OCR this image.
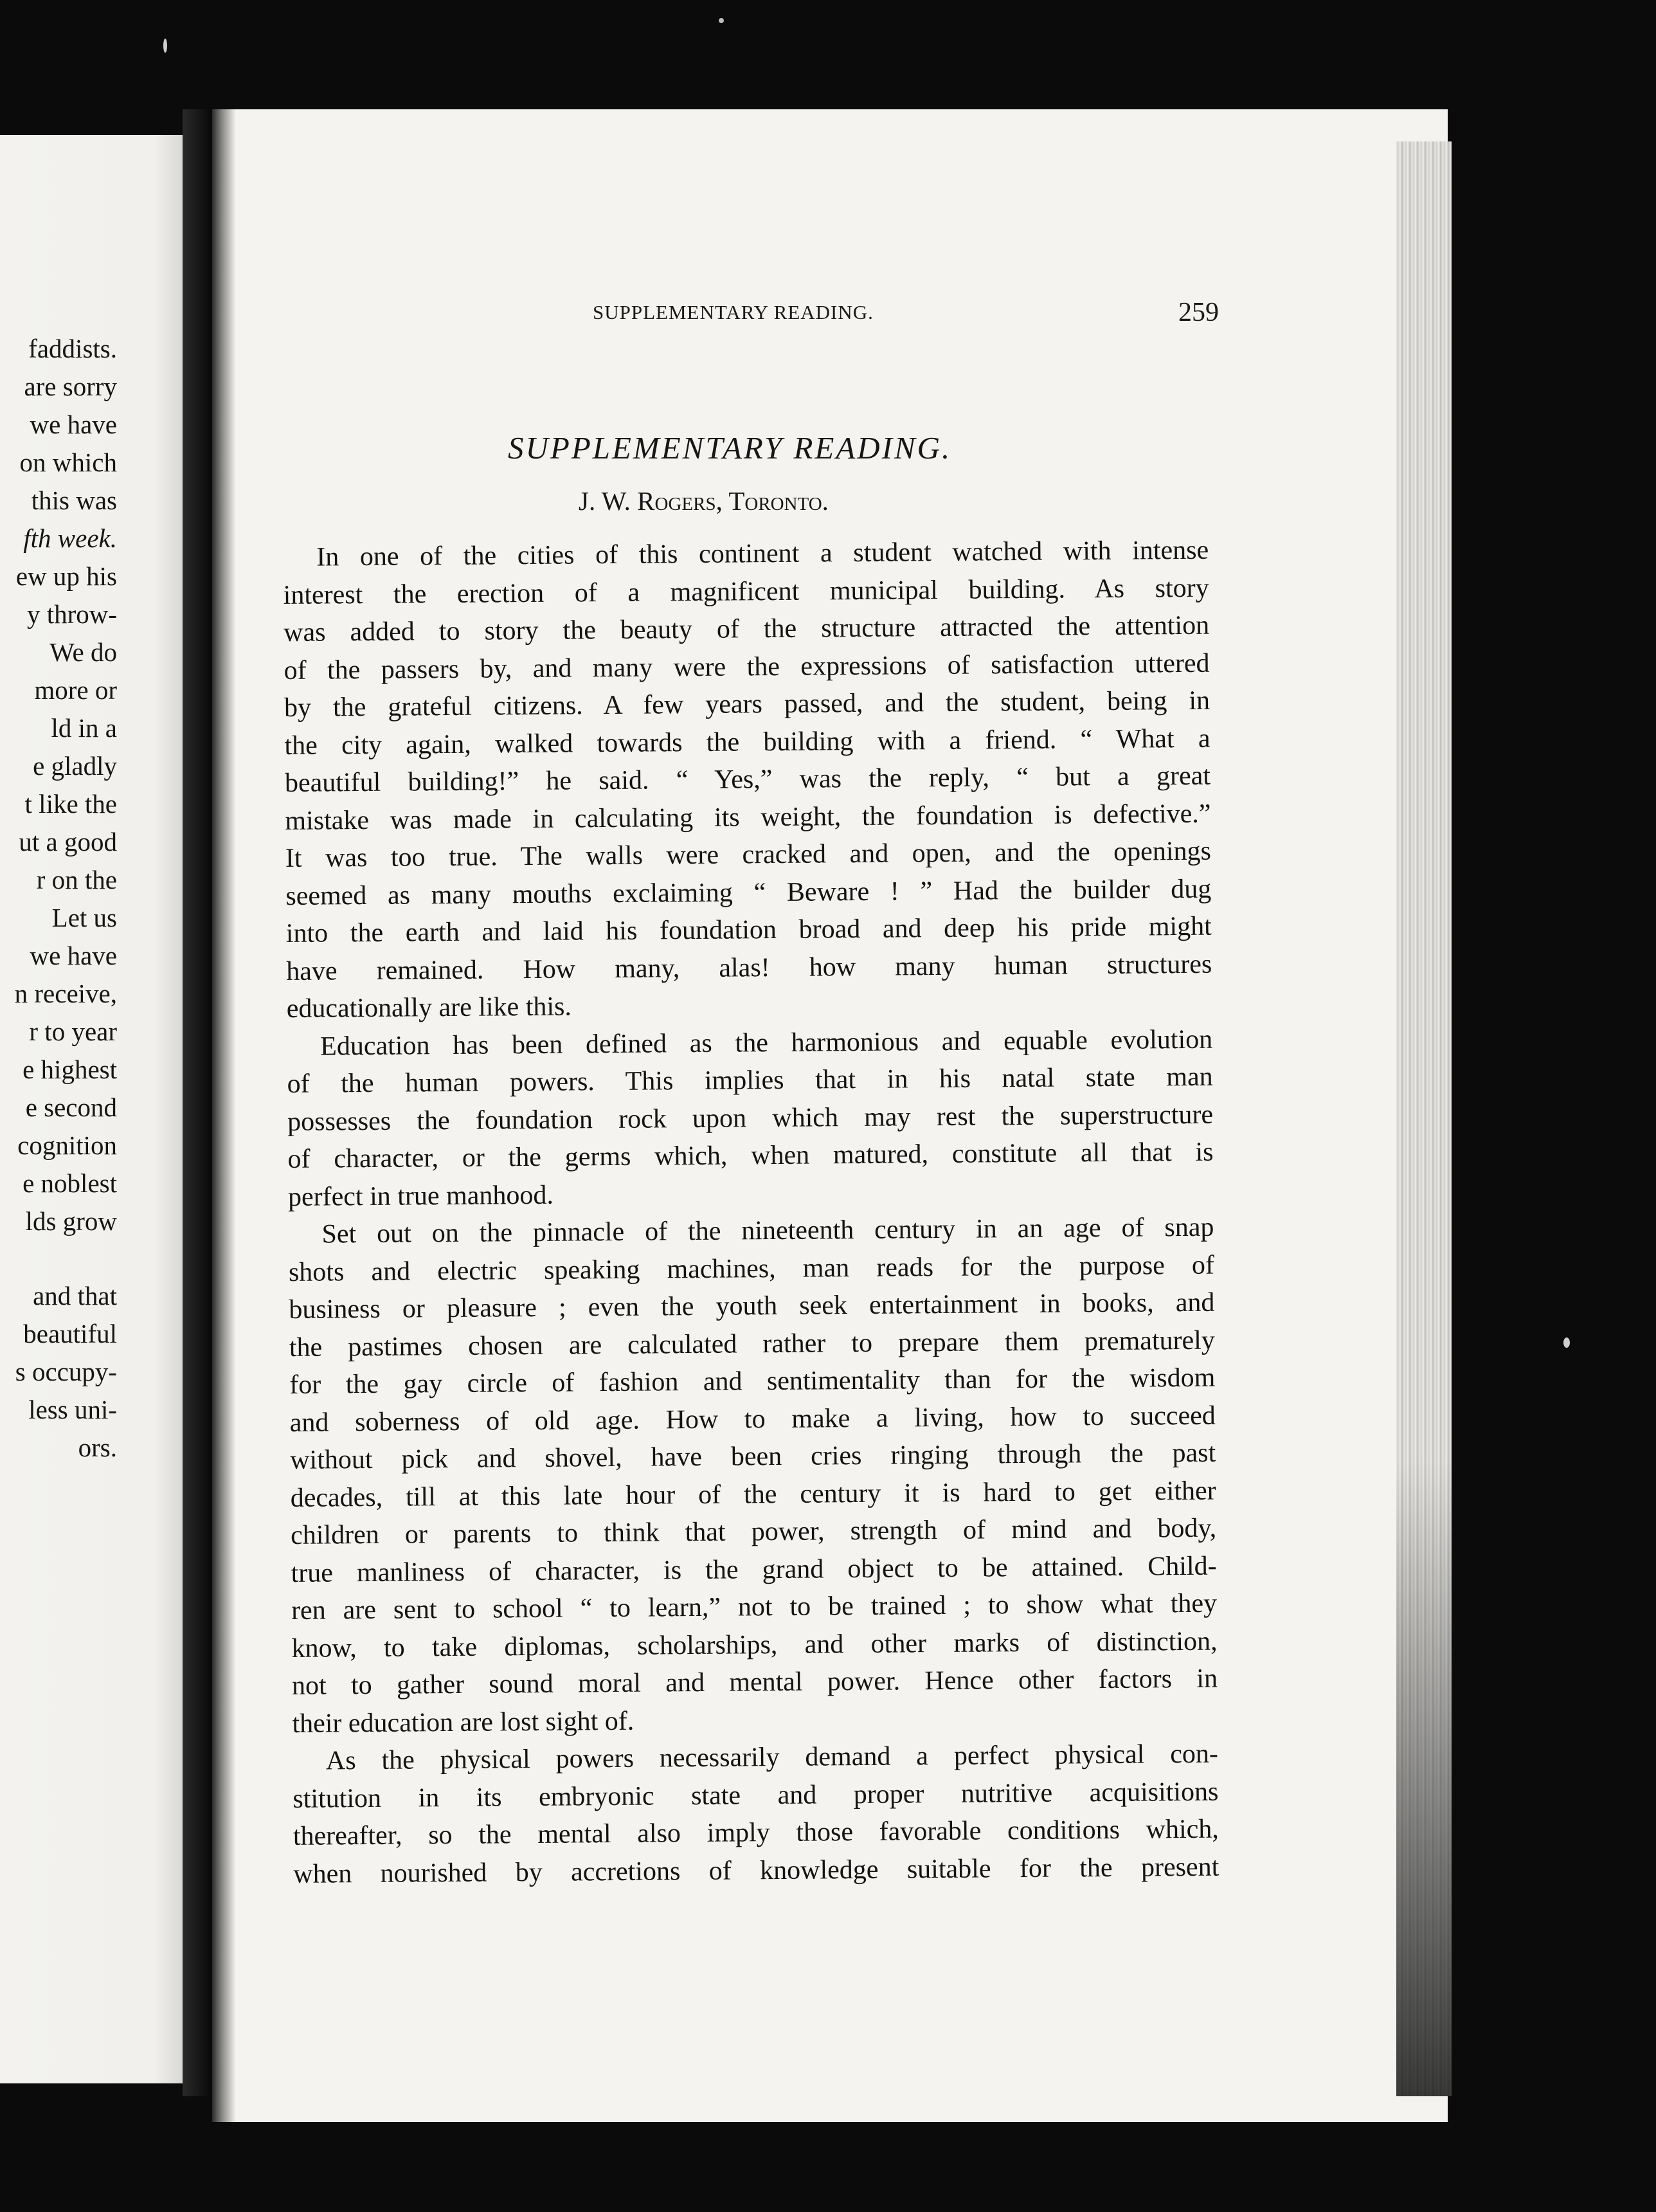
faddists.
are sorry
we have
on which
this was
fth week.
ew up his
y throw-
We do
more or
ld in a
e gladly
t like the
ut a good
r on the
Let us
we have
n receive,
r to year
e highest
e second
cognition
e noblest
lds grow
and that
beautiful
s occupy-
less uni-
ors.
SUPPLEMENTARY READING.	259
SUPPLEMENTARY READING.
J. W. Rogers, Toronto.
In one of the cities of this continent a student watched with intense
interest the erection of a magnificent municipal building. As story
was added to story the beauty of the structure attracted the attention
of the passers by, and many were the expressions of satisfaction uttered
by the grateful citizens. A few years passed, and the student, being in
the city again, walked towards the building with a friend. “ What a
beautiful building!” he said. “ Yes,” was the reply, “ but a great
mistake was made in calculating its weight, the foundation is defective.”
It was too true. The walls were cracked and open, and the openings
seemed as many mouths exclaiming “ Beware ! ” Had the builder dug
into the earth and laid his foundation broad and deep his pride might
have remained. How many, alas! how many human structures
educationally are like this.
Education has been defined as the harmonious and equable evolution
of the human powers. This implies that in his natal state man
possesses the foundation rock upon which may rest the superstructure
of character, or the germs which, when matured, constitute all that is
perfect in true manhood.
Set out on the pinnacle of the nineteenth century in an age of snap
shots and electric speaking machines, man reads for the purpose of
business or pleasure ; even the youth seek entertainment in books, and
the pastimes chosen are calculated rather to prepare them prematurely
for the gay circle of fashion and sentimentality than for the wisdom
and soberness of old age. How to make a living, how to succeed
without pick and shovel, have been cries ringing through the past
decades, till at this late hour of the century it is hard to get either
children or parents to think that power, strength of mind and body,
true manliness of character, is the grand object to be attained. Child-
ren are sent to school “ to learn,” not to be trained ; to show what they
know, to take diplomas, scholarships, and other marks of distinction,
not to gather sound moral and mental power. Hence other factors in
their education are lost sight of.
As the physical powers necessarily demand a perfect physical con-
stitution in its embryonic state and proper nutritive acquisitions
thereafter, so the mental also imply those favorable conditions which,
when nourished by accretions of knowledge suitable for the present
